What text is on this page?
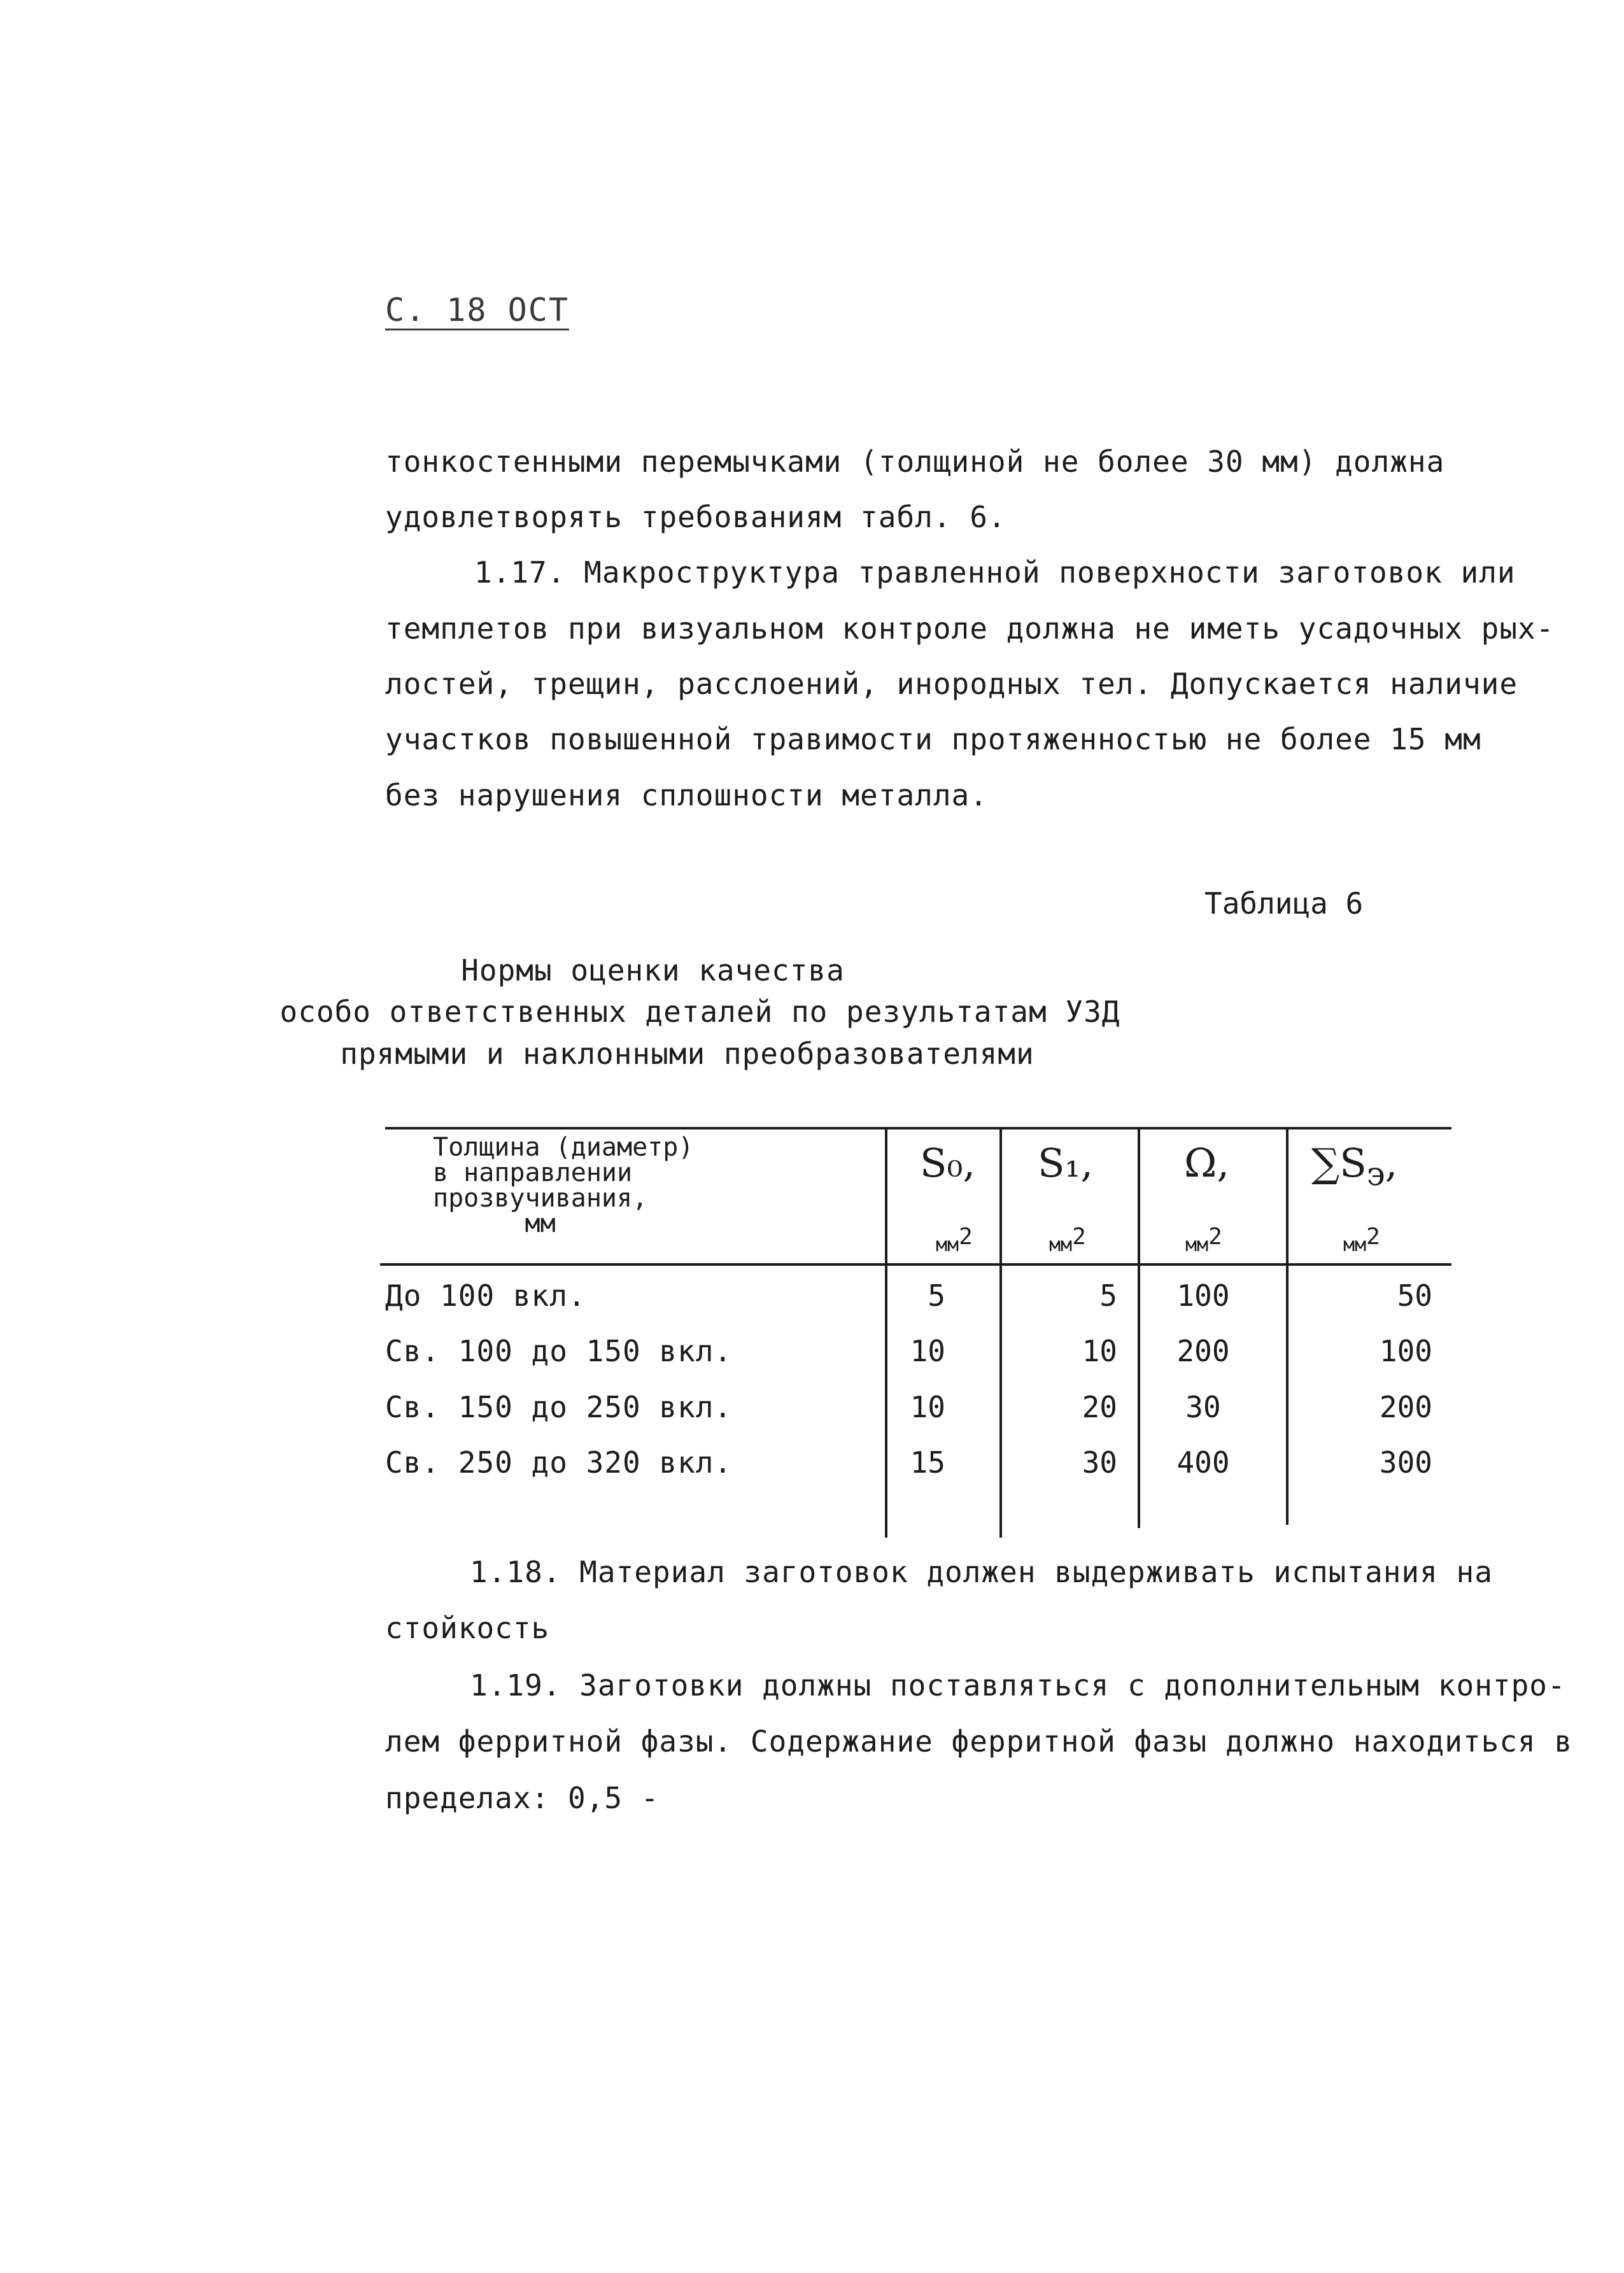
С. 18 ОСТ
тонкостенными перемычками (толщиной не более 30 мм) должна
удовлетворять требованиям табл. 6.
1.17. Макроструктура травленной поверхности заготовок или
темплетов при визуальном контроле должна не иметь усадочных рых-
лостей, трещин, расслоений, инородных тел. Допускается наличие
участков повышенной травимости протяженностью не более 15 мм
без нарушения сплошности металла.
Таблица 6
Нормы оценки качества
особо ответственных деталей по результатам УЗД
прямыми и наклонными преобразователями
Толщина (диаметр)
в направлении
прозвучивания,
мм
S₀, S₁, Ω, $\sum S_э$,
$мм^2$	$мм^2$	$мм^2$	$мм^2$
До 100 вкл.	5	5	100	50
Св. 100 до 150 вкл.	10	10	200	100
Св. 150 до 250 вкл.	10	20	30	200
Св. 250 до 320 вкл.	15	30	400	300
1.18. Материал заготовок должен выдерживать испытания на
стойкость
1.19. Заготовки должны поставляться с дополнительным контро-
лем ферритной фазы. Содержание ферритной фазы должно находиться в
пределах: 0,5 -
